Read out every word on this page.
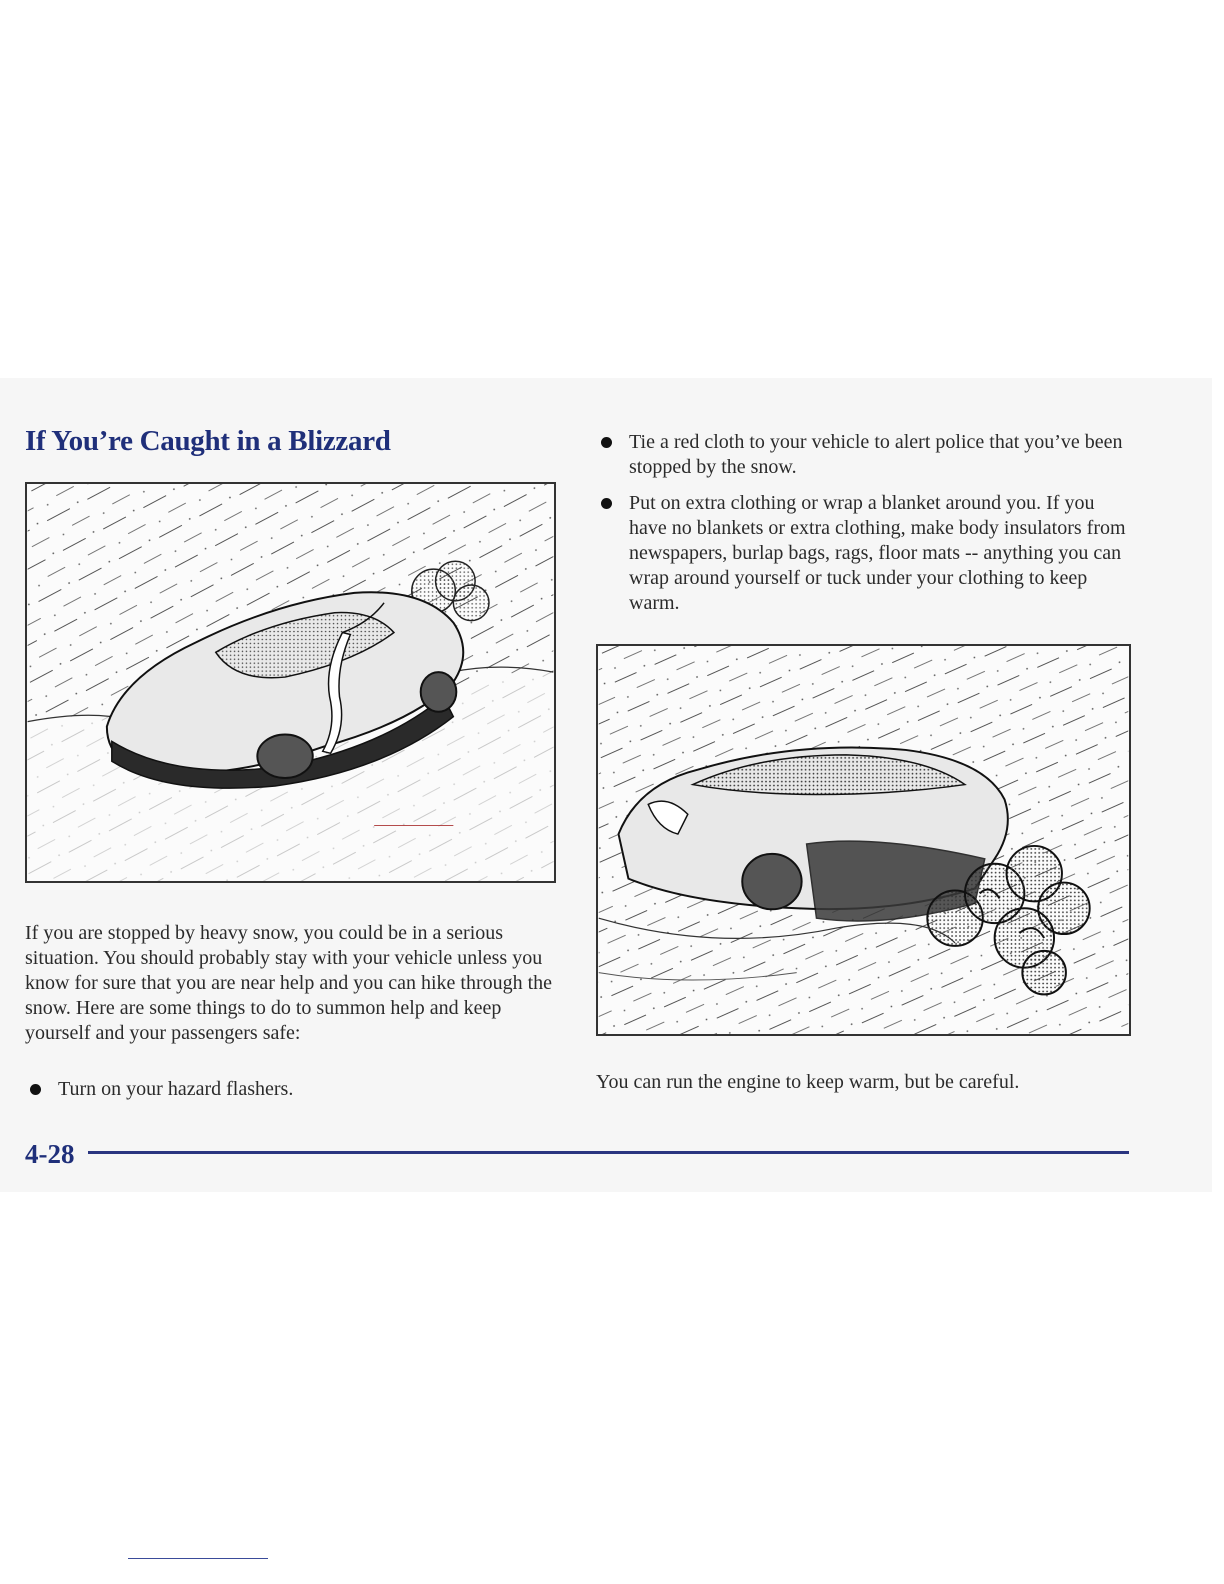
If You’re Caught in a Blizzard

If you are stopped by heavy snow, you could be in a serious situation. You should probably stay with your vehicle unless you know for sure that you are near help and you can hike through the snow. Here are some things to do to summon help and keep yourself and your passengers safe:

Turn on your hazard flashers.
Tie a red cloth to your vehicle to alert police that you’ve been stopped by the snow.
Put on extra clothing or wrap a blanket around you. If you have no blankets or extra clothing, make body insulators from newspapers, burlap bags, rags, floor mats -- anything you can wrap around yourself or tuck under your clothing to keep warm.

You can run the engine to keep warm, but be careful.

4-28
